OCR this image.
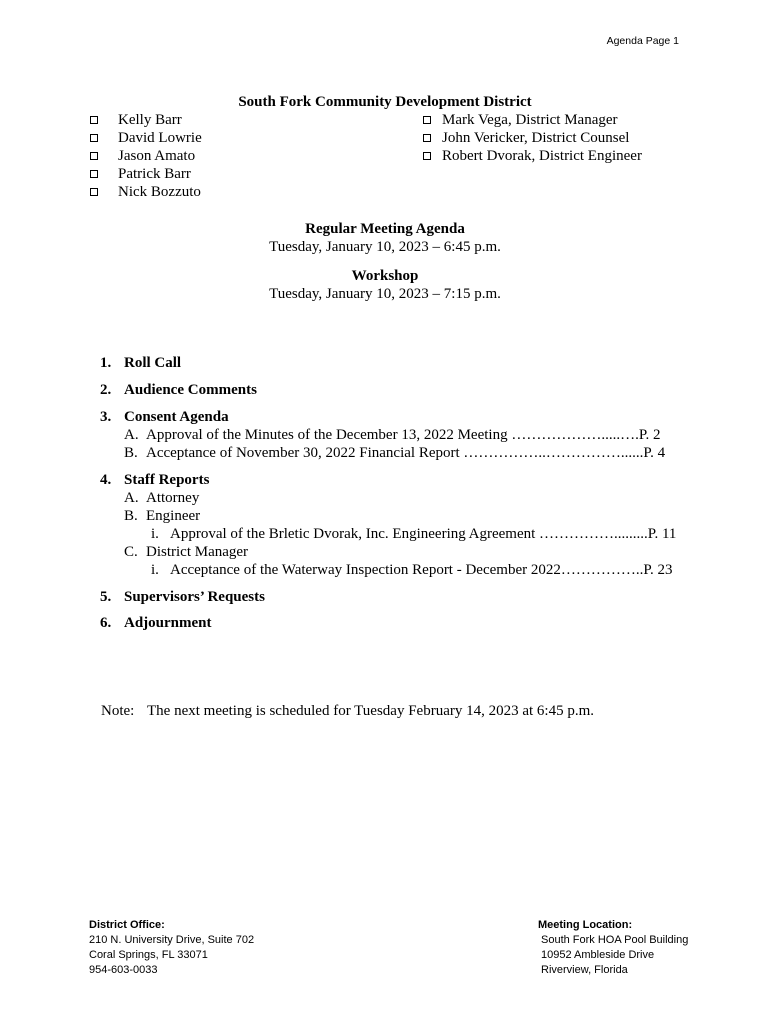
Agenda Page 1
South Fork Community Development District
Kelly Barr
David Lowrie
Jason Amato
Patrick Barr
Nick Bozzuto
Mark Vega, District Manager
John Vericker, District Counsel
Robert Dvorak, District Engineer
Regular Meeting Agenda
Tuesday, January 10, 2023 – 6:45 p.m.
Workshop
Tuesday, January 10, 2023 – 7:15 p.m.
1. Roll Call
2. Audience Comments
3. Consent Agenda
A. Approval of the Minutes of the December 13, 2022 Meeting ……………….....….P. 2
B. Acceptance of November 30, 2022 Financial Report ……………..……………......P. 4
4. Staff Reports
A. Attorney
B. Engineer
i. Approval of the Brletic Dvorak, Inc. Engineering Agreement …………….........P. 11
C. District Manager
i. Acceptance of the Waterway Inspection Report - December 2022……………..P. 23
5. Supervisors’ Requests
6. Adjournment
Note: The next meeting is scheduled for Tuesday February 14, 2023 at 6:45 p.m.
District Office:
210 N. University Drive, Suite 702
Coral Springs, FL 33071
954-603-0033
Meeting Location:
South Fork HOA Pool Building
10952 Ambleside Drive
Riverview, Florida
